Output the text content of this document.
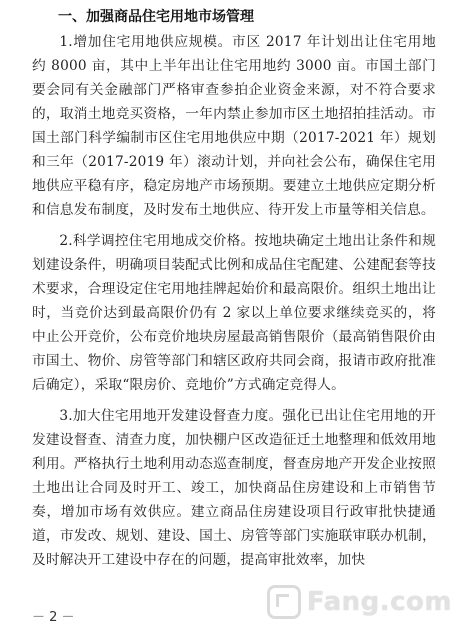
一、加强商品住宅用地市场管理

1.增加住宅用地供应规模。市区 2017 年计划出让住宅用地约 8000 亩，其中上半年出让住宅用地约 3000 亩。市国土部门要会同有关金融部门严格审查参拍企业资金来源，对不符合要求的，取消土地竞买资格，一年内禁止参加市区土地招拍挂活动。市国土部门科学编制市区住宅用地供应中期（2017-2021 年）规划和三年（2017-2019 年）滚动计划，并向社会公布，确保住宅用地供应平稳有序，稳定房地产市场预期。要建立土地供应定期分析和信息发布制度，及时发布土地供应、待开发上市量等相关信息。

2.科学调控住宅用地成交价格。按地块确定土地出让条件和规划建设条件，明确项目装配式比例和成品住宅配建、公建配套等技术要求，合理设定住宅用地挂牌起始价和最高限价。组织土地出让时，当竞价达到最高限价仍有 2 家以上单位要求继续竞买的，将中止公开竞价，公布竞价地块房屋最高销售限价（最高销售限价由市国土、物价、房管等部门和辖区政府共同会商，报请市政府批准后确定），采取“限房价、竞地价”方式确定竞得人。

3.加大住宅用地开发建设督查力度。强化已出让住宅用地的开发建设督查、清查力度，加快棚户区改造征迁土地整理和低效用地利用。严格执行土地利用动态巡查制度，督查房地产开发企业按照土地出让合同及时开工、竣工，加快商品住房建设和上市销售节奏，增加市场有效供应。建立商品住房建设项目行政审批快捷通道，市发改、规划、建设、国土、房管等部门实施联审联办机制，及时解决开工建设中存在的问题，提高审批效率，加快

－ 2 －
Fang.com
